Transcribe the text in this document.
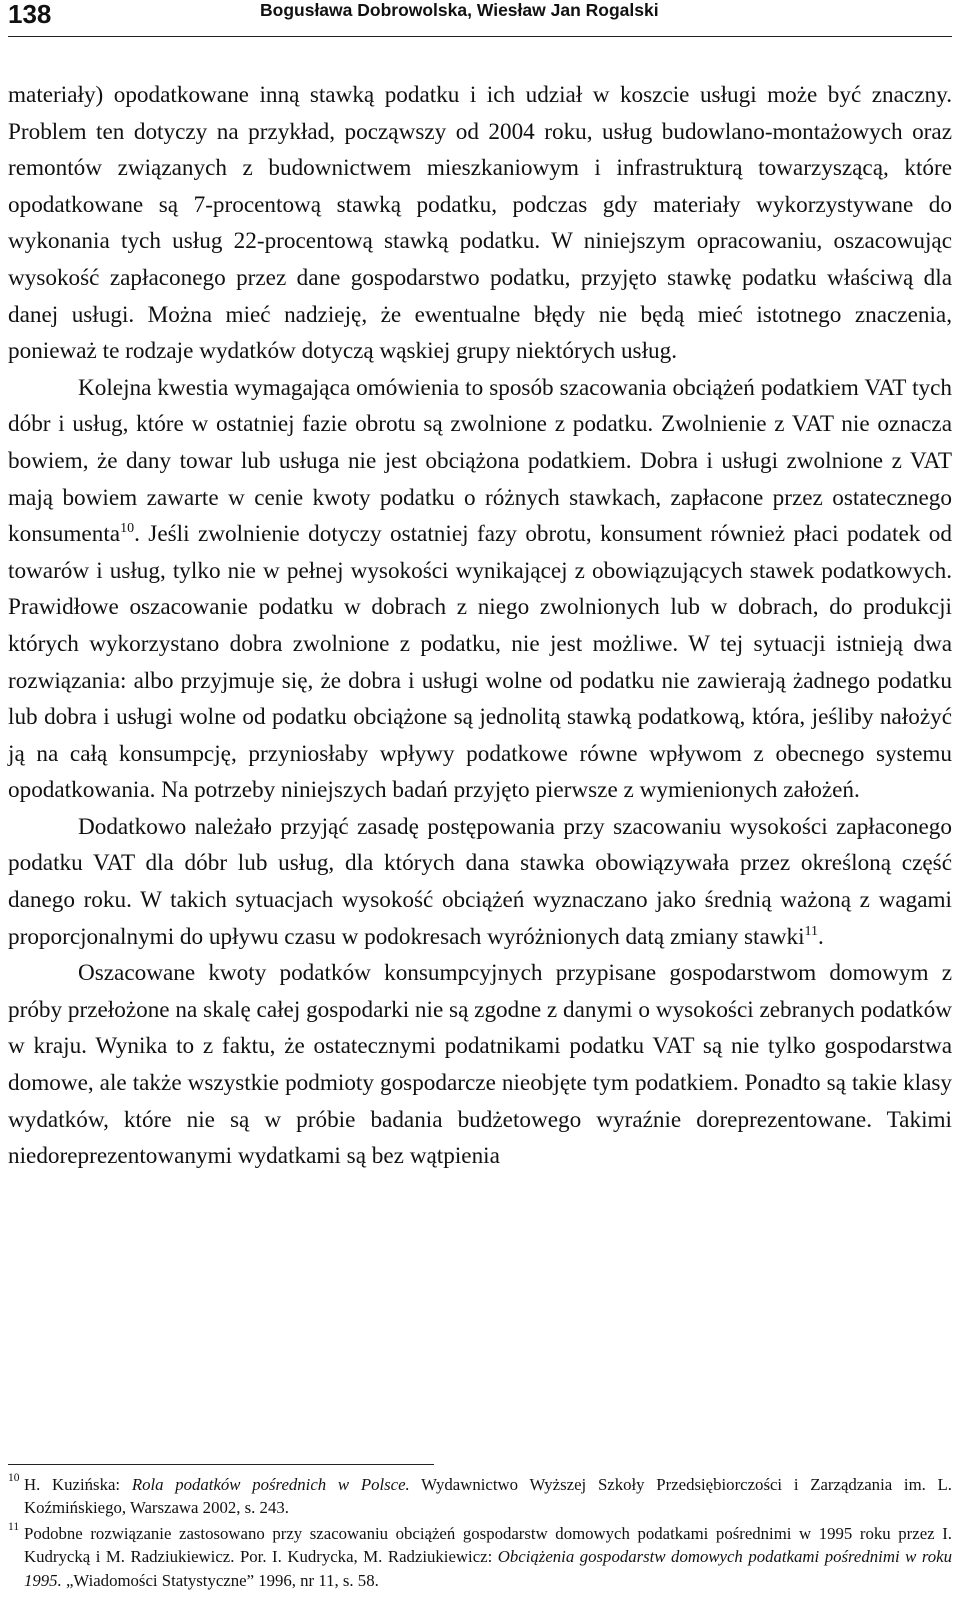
138	Bogusława Dobrowolska, Wiesław Jan Rogalski

materiały) opodatkowane inną stawką podatku i ich udział w koszcie usługi może być znaczny. Problem ten dotyczy na przykład, począwszy od 2004 roku, usług budowlano-montażowych oraz remontów związanych z budownictwem mieszkaniowym i infrastrukturą towarzyszącą, które opodatkowane są 7-procentową stawką podatku, podczas gdy materiały wykorzystywane do wykonania tych usług 22-procentową stawką podatku. W niniejszym opracowaniu, oszacowując wysokość zapłaconego przez dane gospodarstwo podatku, przyjęto stawkę podatku właściwą dla danej usługi. Można mieć nadzieję, że ewentualne błędy nie będą mieć istotnego znaczenia, ponieważ te rodzaje wydatków dotyczą wąskiej grupy niektórych usług.

Kolejna kwestia wymagająca omówienia to sposób szacowania obciążeń podatkiem VAT tych dóbr i usług, które w ostatniej fazie obrotu są zwolnione z podatku. Zwolnienie z VAT nie oznacza bowiem, że dany towar lub usługa nie jest obciążona podatkiem. Dobra i usługi zwolnione z VAT mają bowiem zawarte w cenie kwoty podatku o różnych stawkach, zapłacone przez ostatecznego konsumenta$^{10}$. Jeśli zwolnienie dotyczy ostatniej fazy obrotu, konsument również płaci podatek od towarów i usług, tylko nie w pełnej wysokości wynikającej z obowiązujących stawek podatkowych. Prawidłowe oszacowanie podatku w dobrach z niego zwolnionych lub w dobrach, do produkcji których wykorzystano dobra zwolnione z podatku, nie jest możliwe. W tej sytuacji istnieją dwa rozwiązania: albo przyjmuje się, że dobra i usługi wolne od podatku nie zawierają żadnego podatku lub dobra i usługi wolne od podatku obciążone są jednolitą stawką podatkową, która, jeśliby nałożyć ją na całą konsumpcję, przyniosłaby wpływy podatkowe równe wpływom z obecnego systemu opodatkowania. Na potrzeby niniejszych badań przyjęto pierwsze z wymienionych założeń.

Dodatkowo należało przyjąć zasadę postępowania przy szacowaniu wysokości zapłaconego podatku VAT dla dóbr lub usług, dla których dana stawka obowiązywała przez określoną część danego roku. W takich sytuacjach wysokość obciążeń wyznaczano jako średnią ważoną z wagami proporcjonalnymi do upływu czasu w podokresach wyróżnionych datą zmiany stawki$^{11}$.

Oszacowane kwoty podatków konsumpcyjnych przypisane gospodarstwom domowym z próby przełożone na skalę całej gospodarki nie są zgodne z danymi o wysokości zebranych podatków w kraju. Wynika to z faktu, że ostatecznymi podatnikami podatku VAT są nie tylko gospodarstwa domowe, ale także wszystkie podmioty gospodarcze nieobjęte tym podatkiem. Ponadto są takie klasy wydatków, które nie są w próbie badania budżetowego wyraźnie doreprezentowane. Takimi niedoreprezentowanymi wydatkami są bez wątpienia

10 H. Kuzińska: Rola podatków pośrednich w Polsce. Wydawnictwo Wyższej Szkoły Przedsiębiorczości i Zarządzania im. L. Koźmińskiego, Warszawa 2002, s. 243.

11 Podobne rozwiązanie zastosowano przy szacowaniu obciążeń gospodarstw domowych podatkami pośrednimi w 1995 roku przez I. Kudrycką i M. Radziukiewicz. Por. I. Kudrycka, M. Radziukiewicz: Obciążenia gospodarstw domowych podatkami pośrednimi w roku 1995. „Wiadomości Statystyczne” 1996, nr 11, s. 58.
